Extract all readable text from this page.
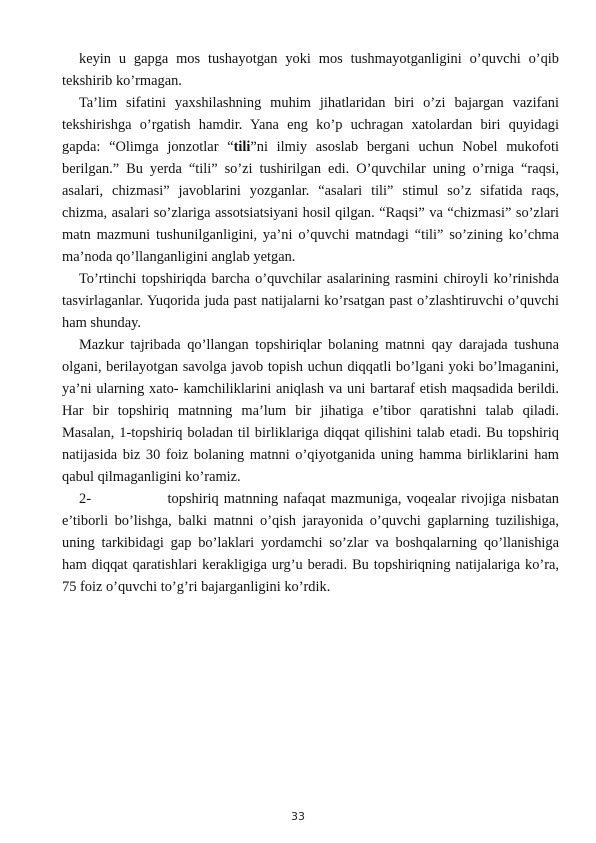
keyin u gapga mos tushayotgan yoki mos tushmayotganligini o’quvchi o’qib tekshirib ko’rmagan.

Ta’lim sifatini yaxshilashning muhim jihatlaridan biri o’zi bajargan vazifani tekshirishga o’rgatish hamdir. Yana eng ko’p uchragan xatolardan biri quyidagi gapda: “Olimga jonzotlar “tili”ni ilmiy asoslab bergani uchun Nobel mukofoti berilgan.” Bu yerda “tili” so’zi tushirilgan edi. O’quvchilar uning o’rniga “raqsi, asalari, chizmasi” javoblarini yozganlar. “asalari tili” stimul so’z sifatida raqs, chizma, asalari so’zlariga assotsiatsiyani hosil qilgan. “Raqsi” va “chizmasi” so’zlari matn mazmuni tushunilganligini, ya’ni o’quvchi matndagi “tili” so’zining ko’chma ma’noda qo’llanganligini anglab yetgan.

To’rtinchi topshiriqda barcha o’quvchilar asalarining rasmini chiroyli ko’rinishda tasvirlaganlar. Yuqorida juda past natijalarni ko’rsatgan past o’zlashtiruvchi o’quvchi ham shunday.

Mazkur tajribada qo’llangan topshiriqlar bolaning matnni qay darajada tushuna olgani, berilayotgan savolga javob topish uchun diqqatli bo’lgani yoki bo’lmaganini, ya’ni ularning xato- kamchiliklarini aniqlash va uni bartaraf etish maqsadida berildi. Har bir topshiriq matnning ma’lum bir jihatiga e’tibor qaratishni talab qiladi. Masalan, 1-topshiriq boladan til birliklariga diqqat qilishini talab etadi. Bu topshiriq natijasida biz 30 foiz bolaning matnni o’qiyotganida uning hamma birliklarini ham qabul qilmaganligini ko’ramiz.

2-               topshiriq matnning nafaqat mazmuniga, voqealar rivojiga nisbatan e’tiborli bo’lishga, balki matnni o’qish jarayonida o’quvchi gaplarning tuzilishiga, uning tarkibidagi gap bo’laklari yordamchi so’zlar va boshqalarning qo’llanishiga ham diqqat qaratishlari kerakligiga urg’u beradi. Bu topshiriqning natijalariga ko’ra, 75 foiz o’quvchi to’g’ri bajarganligini ko’rdik.

33
